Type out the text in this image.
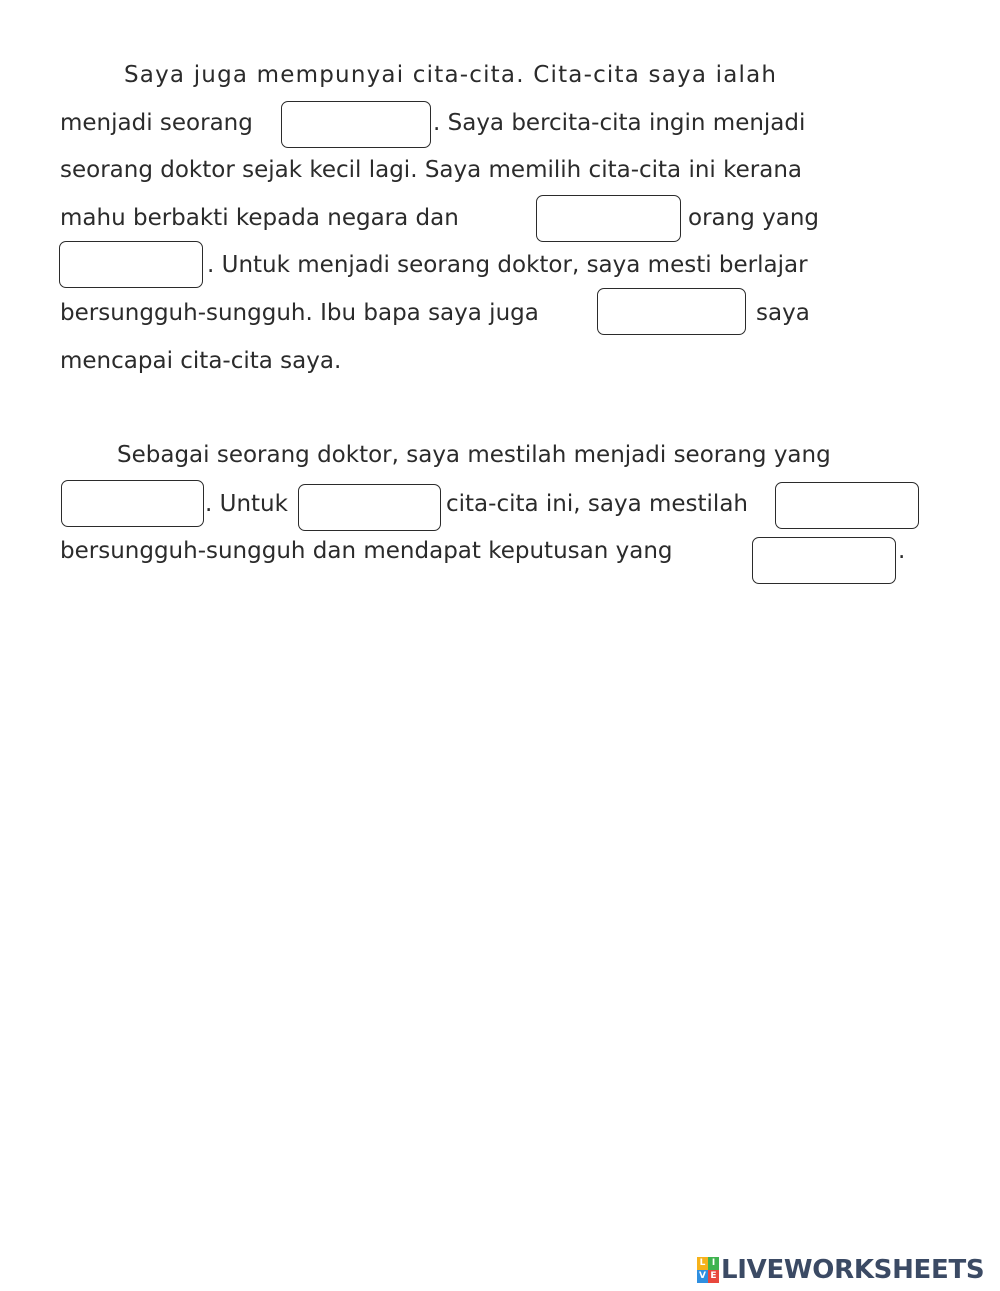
Saya juga mempunyai cita-cita. Cita-cita saya ialah
menjadi seorang	. Saya bercita-cita ingin menjadi
seorang doktor sejak kecil lagi. Saya memilih cita-cita ini kerana
mahu berbakti kepada negara dan	orang yang
. Untuk menjadi seorang doktor, saya mesti berlajar
bersungguh-sungguh. Ibu bapa saya juga	saya
mencapai cita-cita saya.
Sebagai seorang doktor, saya mestilah menjadi seorang yang
. Untuk	cita-cita ini, saya mestilah
bersungguh-sungguh dan mendapat keputusan yang	.
L I
V E LIVEWORKSHEETS
